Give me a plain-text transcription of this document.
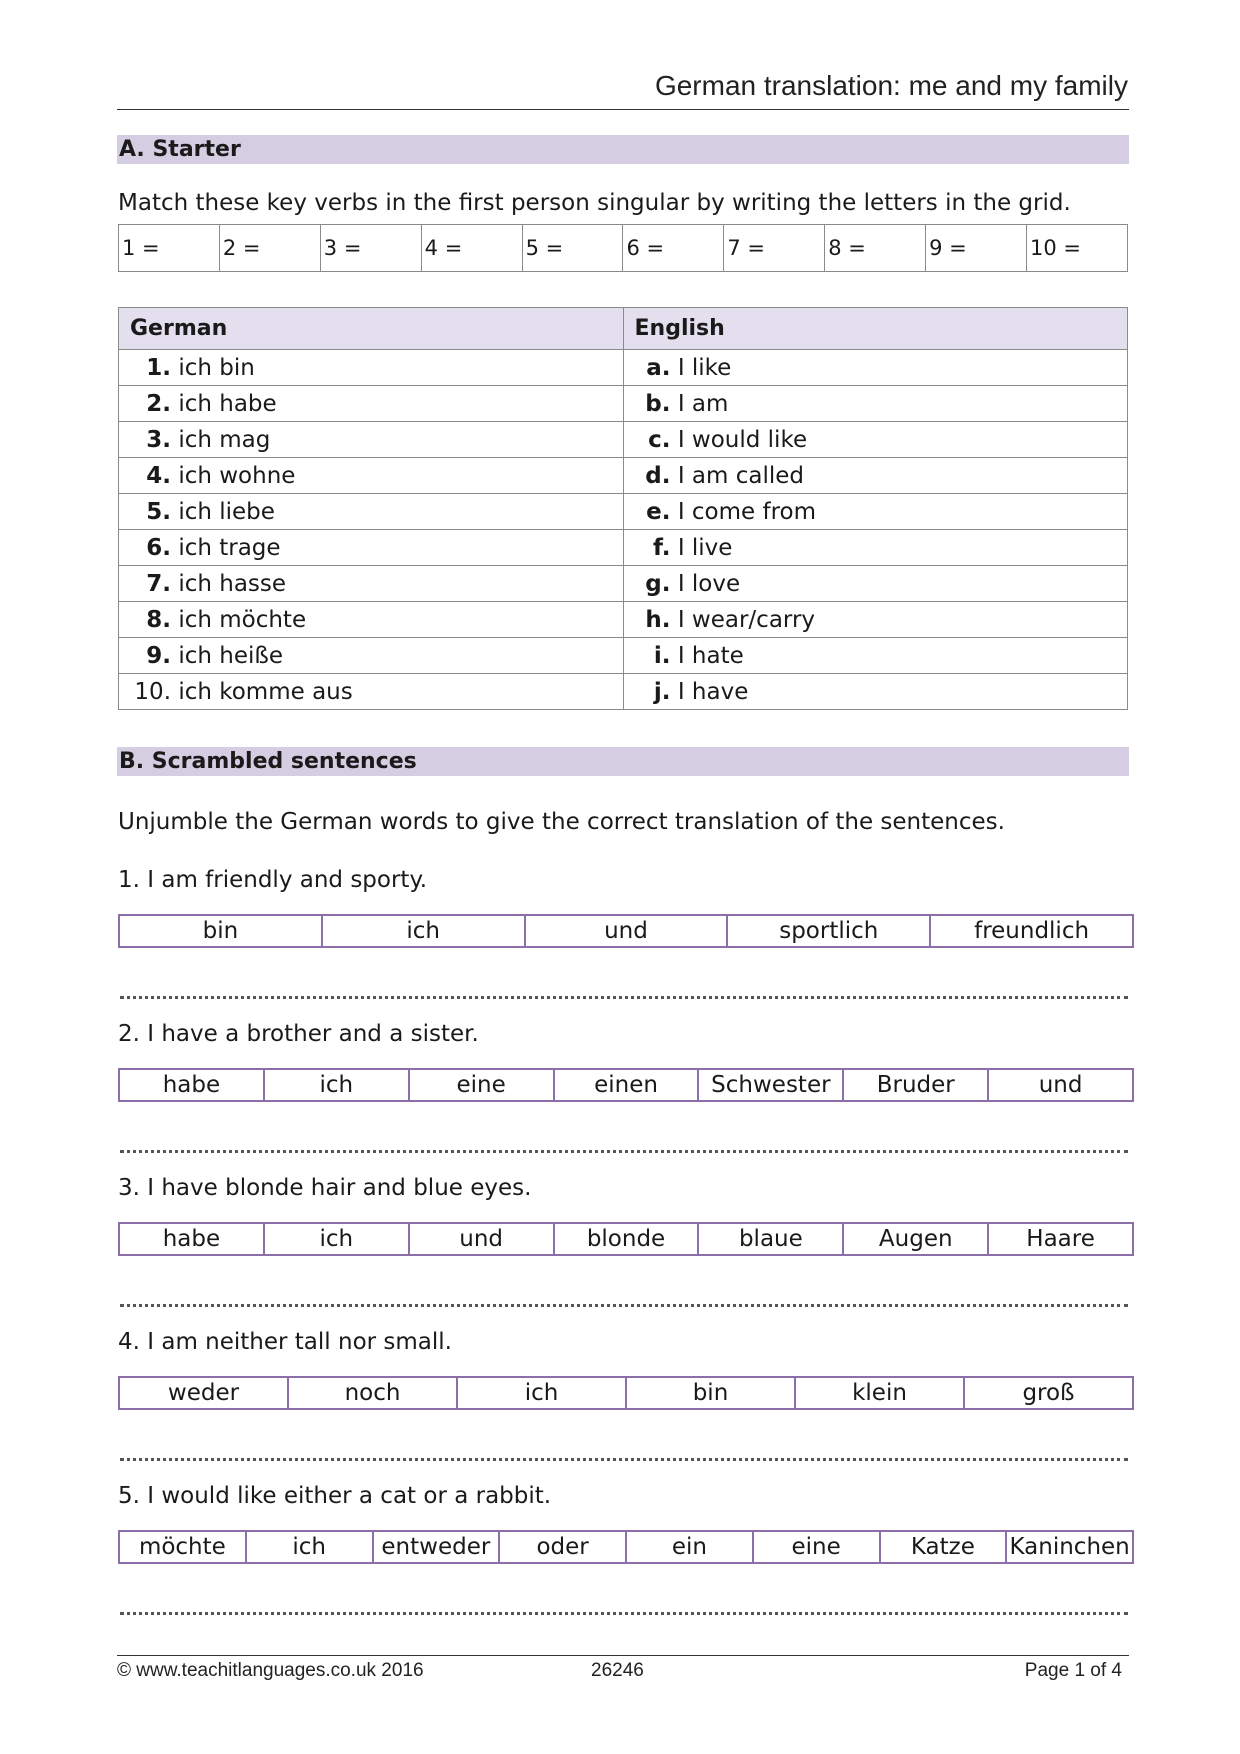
German translation: me and my family
A. Starter
Match these key verbs in the first person singular by writing the letters in the grid.
1 =	2 =	3 =	4 =	5 =	6 =	7 =	8 =	9 =	10 =
German	English
1. ich bin	a. I like
2. ich habe	b. I am
3. ich mag	c. I would like
4. ich wohne	d. I am called
5. ich liebe	e. I come from
6. ich trage	f. I live
7. ich hasse	g. I love
8. ich möchte	h. I wear/carry
9. ich heiße	i. I hate
10. ich komme aus	j. I have
B. Scrambled sentences
Unjumble the German words to give the correct translation of the sentences.
1. I am friendly and sporty.
bin	ich	und	sportlich	freundlich
2. I have a brother and a sister.
habe	ich	eine	einen	Schwester	Bruder	und
3. I have blonde hair and blue eyes.
habe	ich	und	blonde	blaue	Augen	Haare
4. I am neither tall nor small.
weder	noch	ich	bin	klein	groß
5. I would like either a cat or a rabbit.
möchte	ich	entweder	oder	ein	eine	Katze	Kaninchen
© www.teachitlanguages.co.uk 2016	26246	Page 1 of 4
